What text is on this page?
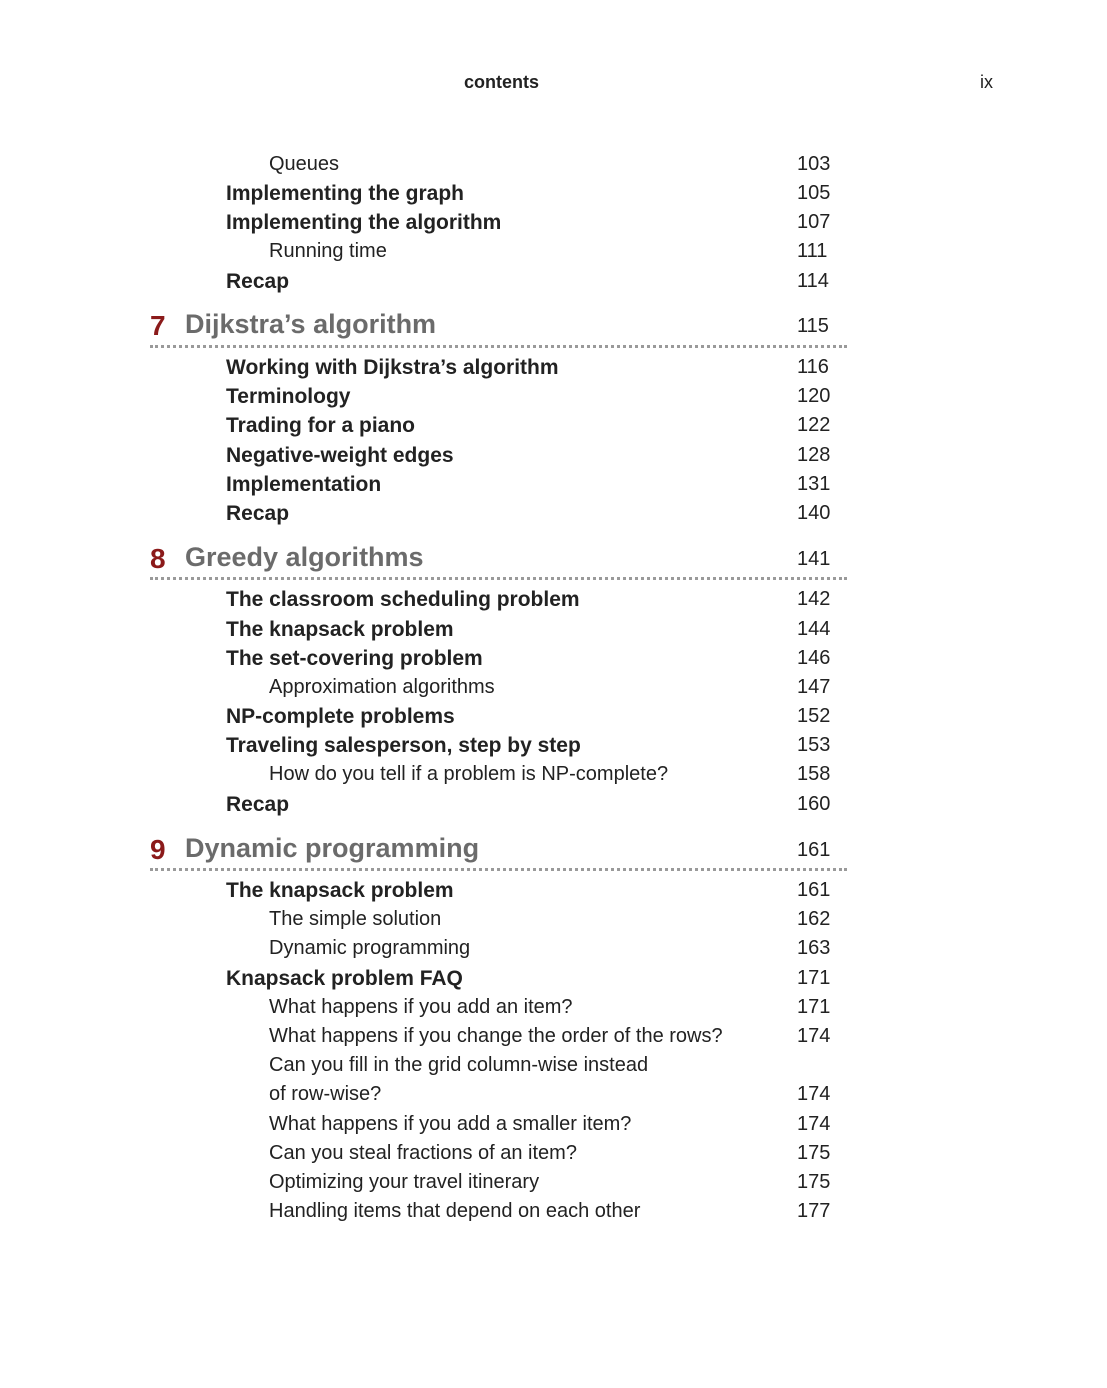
contents	ix
Queues	103
Implementing the graph	105
Implementing the algorithm	107
Running time	111
Recap	114
7 Dijkstra’s algorithm	115
Working with Dijkstra’s algorithm	116
Terminology	120
Trading for a piano	122
Negative-weight edges	128
Implementation	131
Recap	140
8 Greedy algorithms	141
The classroom scheduling problem	142
The knapsack problem	144
The set-covering problem	146
Approximation algorithms	147
NP-complete problems	152
Traveling salesperson, step by step	153
How do you tell if a problem is NP-complete?	158
Recap	160
9 Dynamic programming	161
The knapsack problem	161
The simple solution	162
Dynamic programming	163
Knapsack problem FAQ	171
What happens if you add an item?	171
What happens if you change the order of the rows?	174
Can you fill in the grid column-wise instead
of row-wise?	174
What happens if you add a smaller item?	174
Can you steal fractions of an item?	175
Optimizing your travel itinerary	175
Handling items that depend on each other	177
